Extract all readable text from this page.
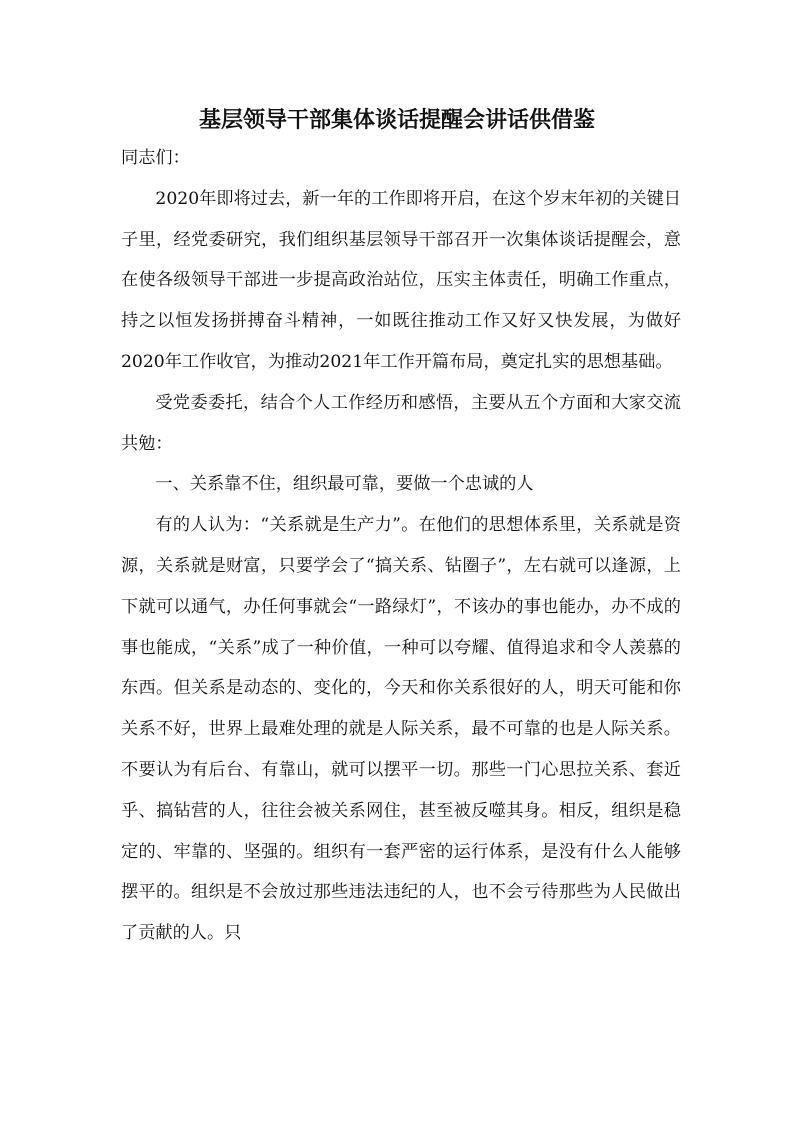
基层领导干部集体谈话提醒会讲话供借鉴

同志们：

2020年即将过去，新一年的工作即将开启，在这个岁末年初的关键日子里，经党委研究，我们组织基层领导干部召开一次集体谈话提醒会，意在使各级领导干部进一步提高政治站位，压实主体责任，明确工作重点，持之以恒发扬拼搏奋斗精神，一如既往推动工作又好又快发展，为做好2020年工作收官，为推动2021年工作开篇布局，奠定扎实的思想基础。

受党委委托，结合个人工作经历和感悟，主要从五个方面和大家交流共勉：

一、关系靠不住，组织最可靠，要做一个忠诚的人

有的人认为：“关系就是生产力”。在他们的思想体系里，关系就是资源，关系就是财富，只要学会了“搞关系、钻圈子”，左右就可以逢源，上下就可以通气，办任何事就会“一路绿灯”，不该办的事也能办，办不成的事也能成，“关系”成了一种价值，一种可以夸耀、值得追求和令人羡慕的东西。但关系是动态的、变化的，今天和你关系很好的人，明天可能和你关系不好，世界上最难处理的就是人际关系，最不可靠的也是人际关系。不要认为有后台、有靠山，就可以摆平一切。那些一门心思拉关系、套近乎、搞钻营的人，往往会被关系网住，甚至被反噬其身。相反，组织是稳定的、牢靠的、坚强的。组织有一套严密的运行体系，是没有什么人能够摆平的。组织是不会放过那些违法违纪的人，也不会亏待那些为人民做出了贡献的人。只
